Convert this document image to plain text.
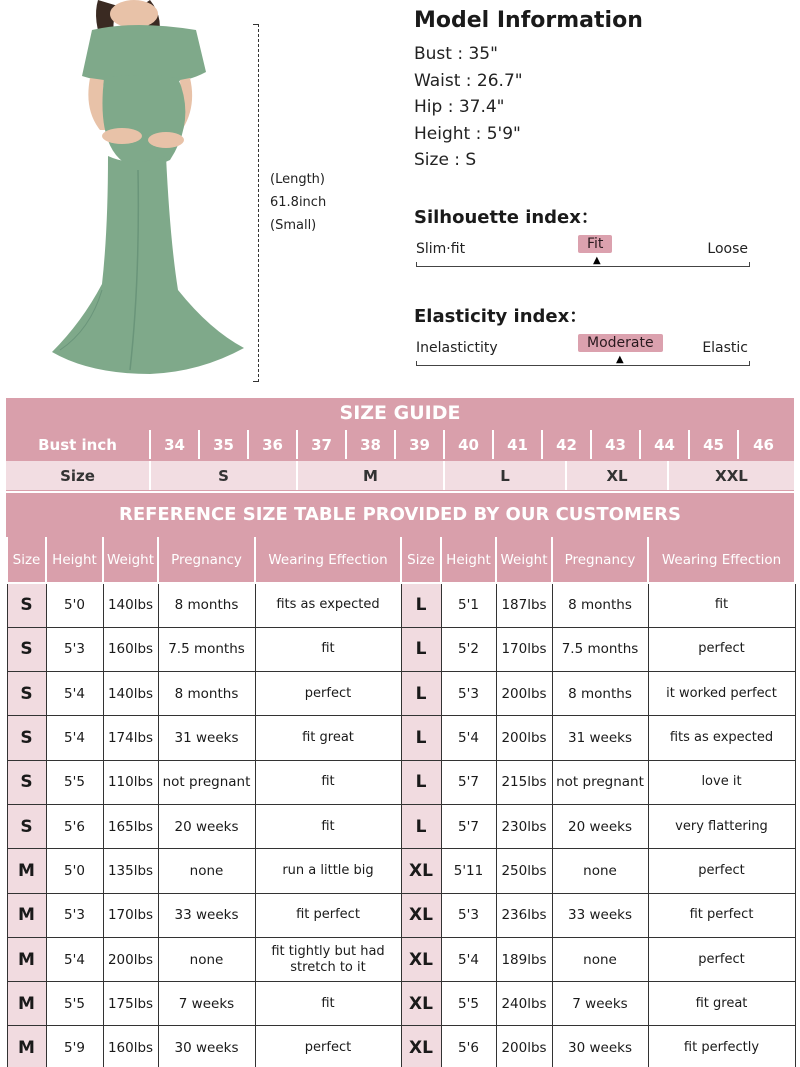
(Length)
61.8inch
(Small)
Model Information
Bust : 35"
Waist : 26.7"
Hip : 37.4"
Height : 5'9"
Size : S
Silhouette index：
Slim·fit	Fit	Loose
▲
Elasticity index：
Inelastictity	Moderate	Elastic
▲
SIZE GUIDE
Bust inch	34	35	36	37	38	39	40	41	42	43	44	45	46
Size	S	M	L	XL	XXL
REFERENCE SIZE TABLE PROVIDED BY OUR CUSTOMERS
Size	Height	Weight	Pregnancy	Wearing Effection	Size	Height	Weight	Pregnancy	Wearing Effection
S	5'0	140lbs	8 months	fits as expected	L	5'1	187lbs	8 months	fit
S	5'3	160lbs	7.5 months	fit	L	5'2	170lbs	7.5 months	perfect
S	5'4	140lbs	8 months	perfect	L	5'3	200lbs	8 months	it worked perfect
S	5'4	174lbs	31 weeks	fit great	L	5'4	200lbs	31 weeks	fits as expected
S	5'5	110lbs	not pregnant	fit	L	5'7	215lbs	not pregnant	love it
S	5'6	165lbs	20 weeks	fit	L	5'7	230lbs	20 weeks	very flattering
M	5'0	135lbs	none	run a little big	XL	5'11	250lbs	none	perfect
M	5'3	170lbs	33 weeks	fit perfect	XL	5'3	236lbs	33 weeks	fit perfect
M	5'4	200lbs	none	fit tightly but had stretch to it	XL	5'4	189lbs	none	perfect
M	5'5	175lbs	7 weeks	fit	XL	5'5	240lbs	7 weeks	fit great
M	5'9	160lbs	30 weeks	perfect	XL	5'6	200lbs	30 weeks	fit perfectly
